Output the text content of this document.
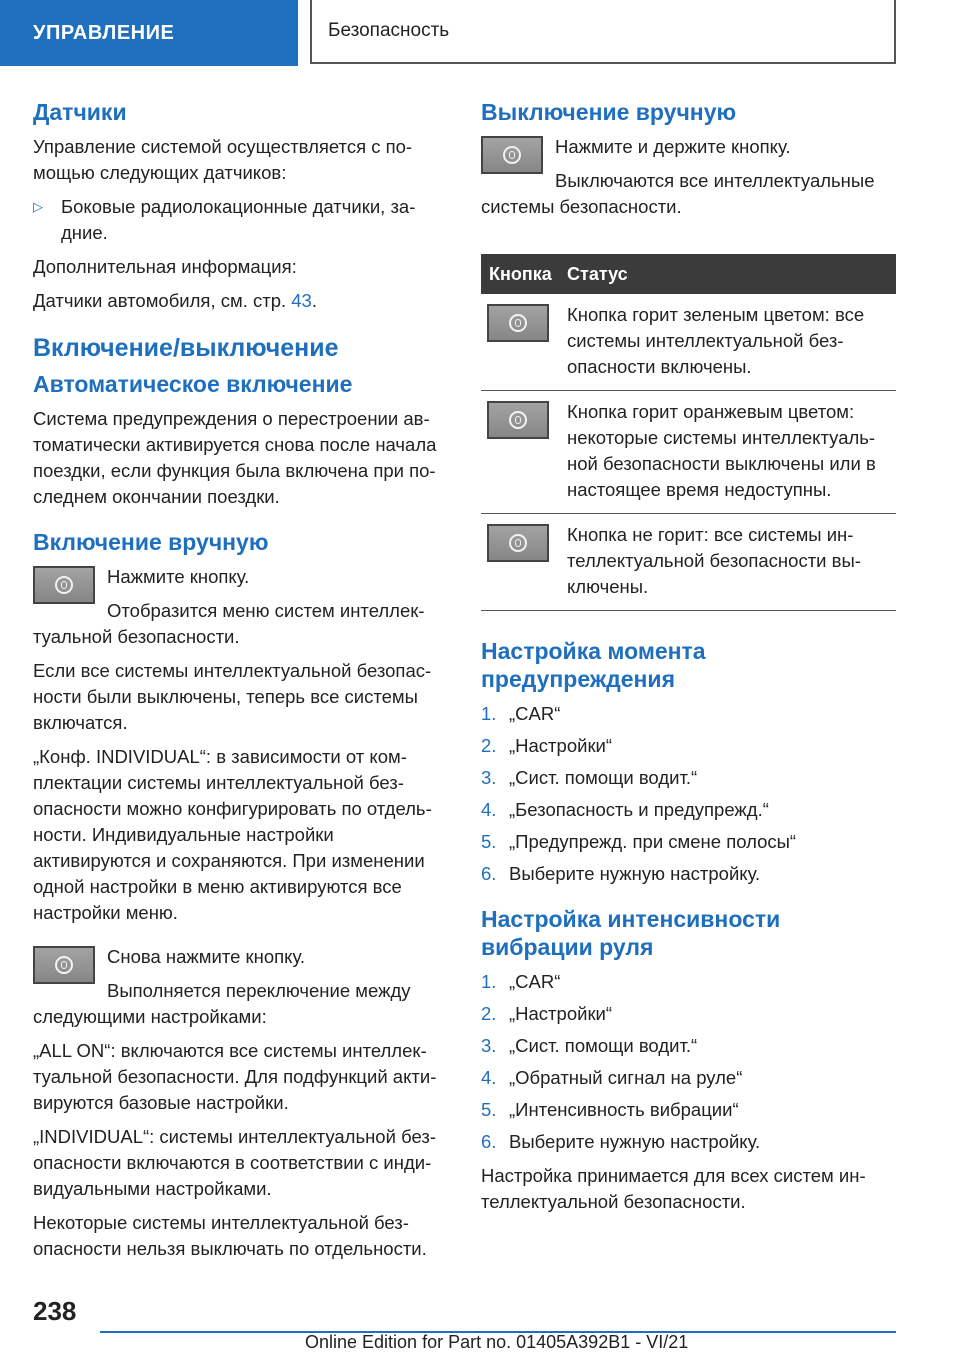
УПРАВЛЕНИЕ	Безопасность
Датчики

Управление системой осуществляется с по- мощью следующих датчиков:

▷ Боковые радиолокационные датчики, за- дние.

Дополнительная информация:

Датчики автомобиля, см. стр. 43.

Включение/выключение
Автоматическое включение

Система предупреждения о перестроении ав- томатически активируется снова после начала поездки, если функция была включена при по- следнем окончании поездки.

Включение вручную

Нажмите кнопку.

Отобразится меню систем интеллек- туальной безопасности.

Если все системы интеллектуальной безопас- ности были выключены, теперь все системы включатся.

„Конф. INDIVIDUAL“: в зависимости от ком- плектации системы интеллектуальной без- опасности можно конфигурировать по отдель- ности. Индивидуальные настройки активируются и сохраняются. При изменении одной настройки в меню активируются все настройки меню.

Снова нажмите кнопку.

Выполняется переключение между следующими настройками:

„ALL ON“: включаются все системы интеллек- туальной безопасности. Для подфункций акти- вируются базовые настройки.

„INDIVIDUAL“: системы интеллектуальной без- опасности включаются в соответствии с инди- видуальными настройками.

Некоторые системы интеллектуальной без- опасности нельзя выключать по отдельности.

Выключение вручную

Нажмите и держите кнопку.

Выключаются все интеллектуальные системы безопасности.

Кнопка	Статус

	Кнопка горит зеленым цветом: все системы интеллектуальной без- опасности включены.

	Кнопка горит оранжевым цветом: некоторые системы интеллектуаль- ной безопасности выключены или в настоящее время недоступны.

	Кнопка не горит: все системы ин- теллектуальной безопасности вы- ключены.
Настройка момента предупреждения
1. „CAR“
2. „Настройки“
3. „Сист. помощи водит.“
4. „Безопасность и предупрежд.“
5. „Предупрежд. при смене полосы“
6. Выберите нужную настройку.
Настройка интенсивности вибрации руля
1. „CAR“
2. „Настройки“
3. „Сист. помощи водит.“
4. „Обратный сигнал на руле“
5. „Интенсивность вибрации“
6. Выберите нужную настройку.

Настройка принимается для всех систем ин- теллектуальной безопасности.

238
Online Edition for Part no. 01405A392B1 - VI/21
